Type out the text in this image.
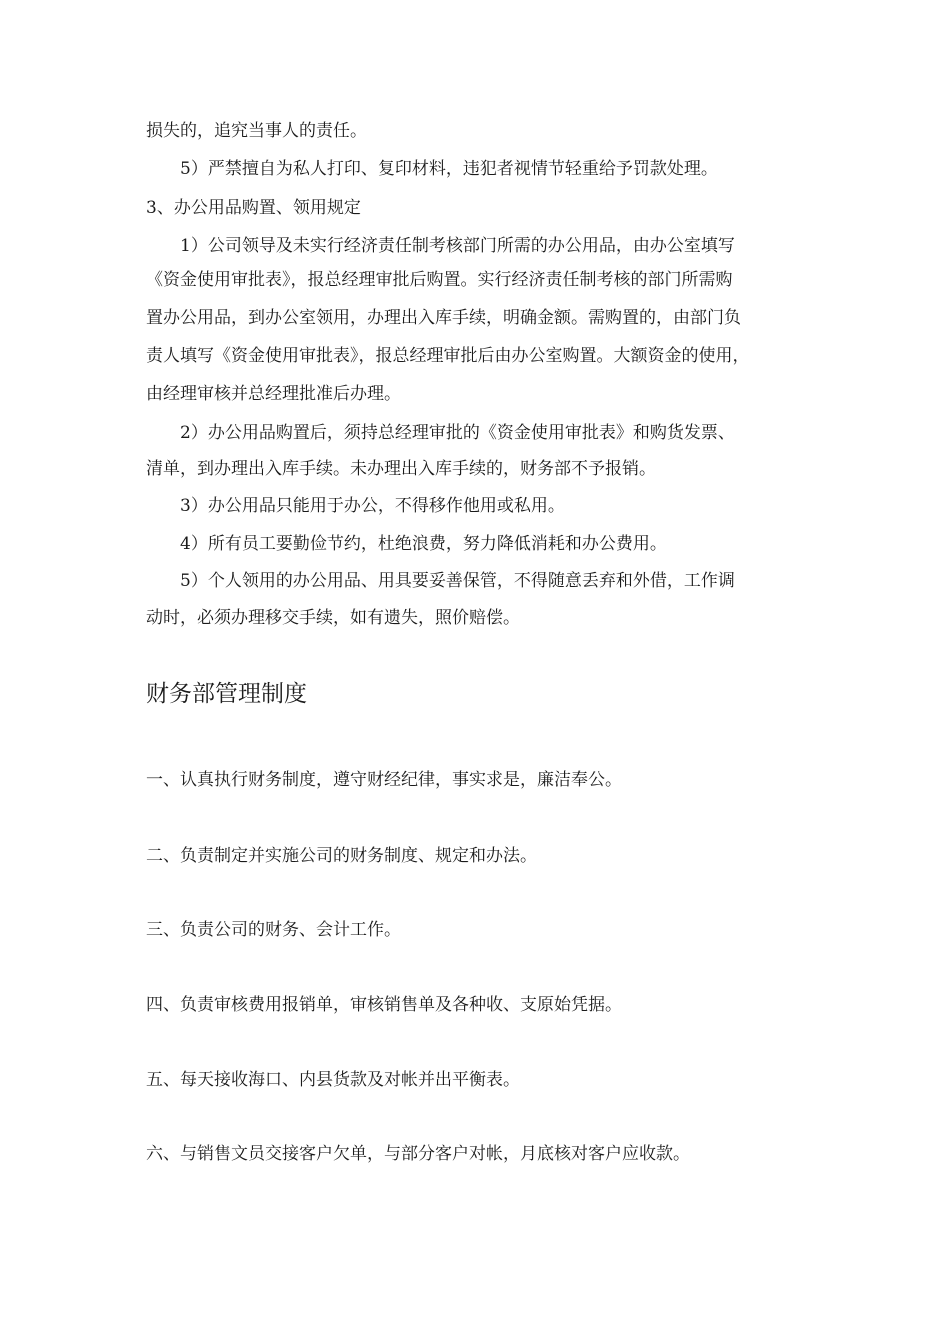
损失的，追究当事人的责任。
5）严禁擅自为私人打印、复印材料，违犯者视情节轻重给予罚款处理。
3、办公用品购置、领用规定
1）公司领导及未实行经济责任制考核部门所需的办公用品，由办公室填写
《资金使用审批表》，报总经理审批后购置。实行经济责任制考核的部门所需购
置办公用品，到办公室领用，办理出入库手续，明确金额。需购置的，由部门负
责人填写《资金使用审批表》，报总经理审批后由办公室购置。大额资金的使用，
由经理审核并总经理批准后办理。
2）办公用品购置后，须持总经理审批的《资金使用审批表》和购货发票、
清单，到办理出入库手续。未办理出入库手续的，财务部不予报销。
3）办公用品只能用于办公，不得移作他用或私用。
4）所有员工要勤俭节约，杜绝浪费，努力降低消耗和办公费用。
5）个人领用的办公用品、用具要妥善保管，不得随意丢弃和外借，工作调
动时，必须办理移交手续，如有遗失，照价赔偿。
财务部管理制度
一、认真执行财务制度，遵守财经纪律，事实求是，廉洁奉公。
二、负责制定并实施公司的财务制度、规定和办法。
三、负责公司的财务、会计工作。
四、负责审核费用报销单，审核销售单及各种收、支原始凭据。
五、每天接收海口、内县货款及对帐并出平衡表。
六、与销售文员交接客户欠单，与部分客户对帐，月底核对客户应收款。
